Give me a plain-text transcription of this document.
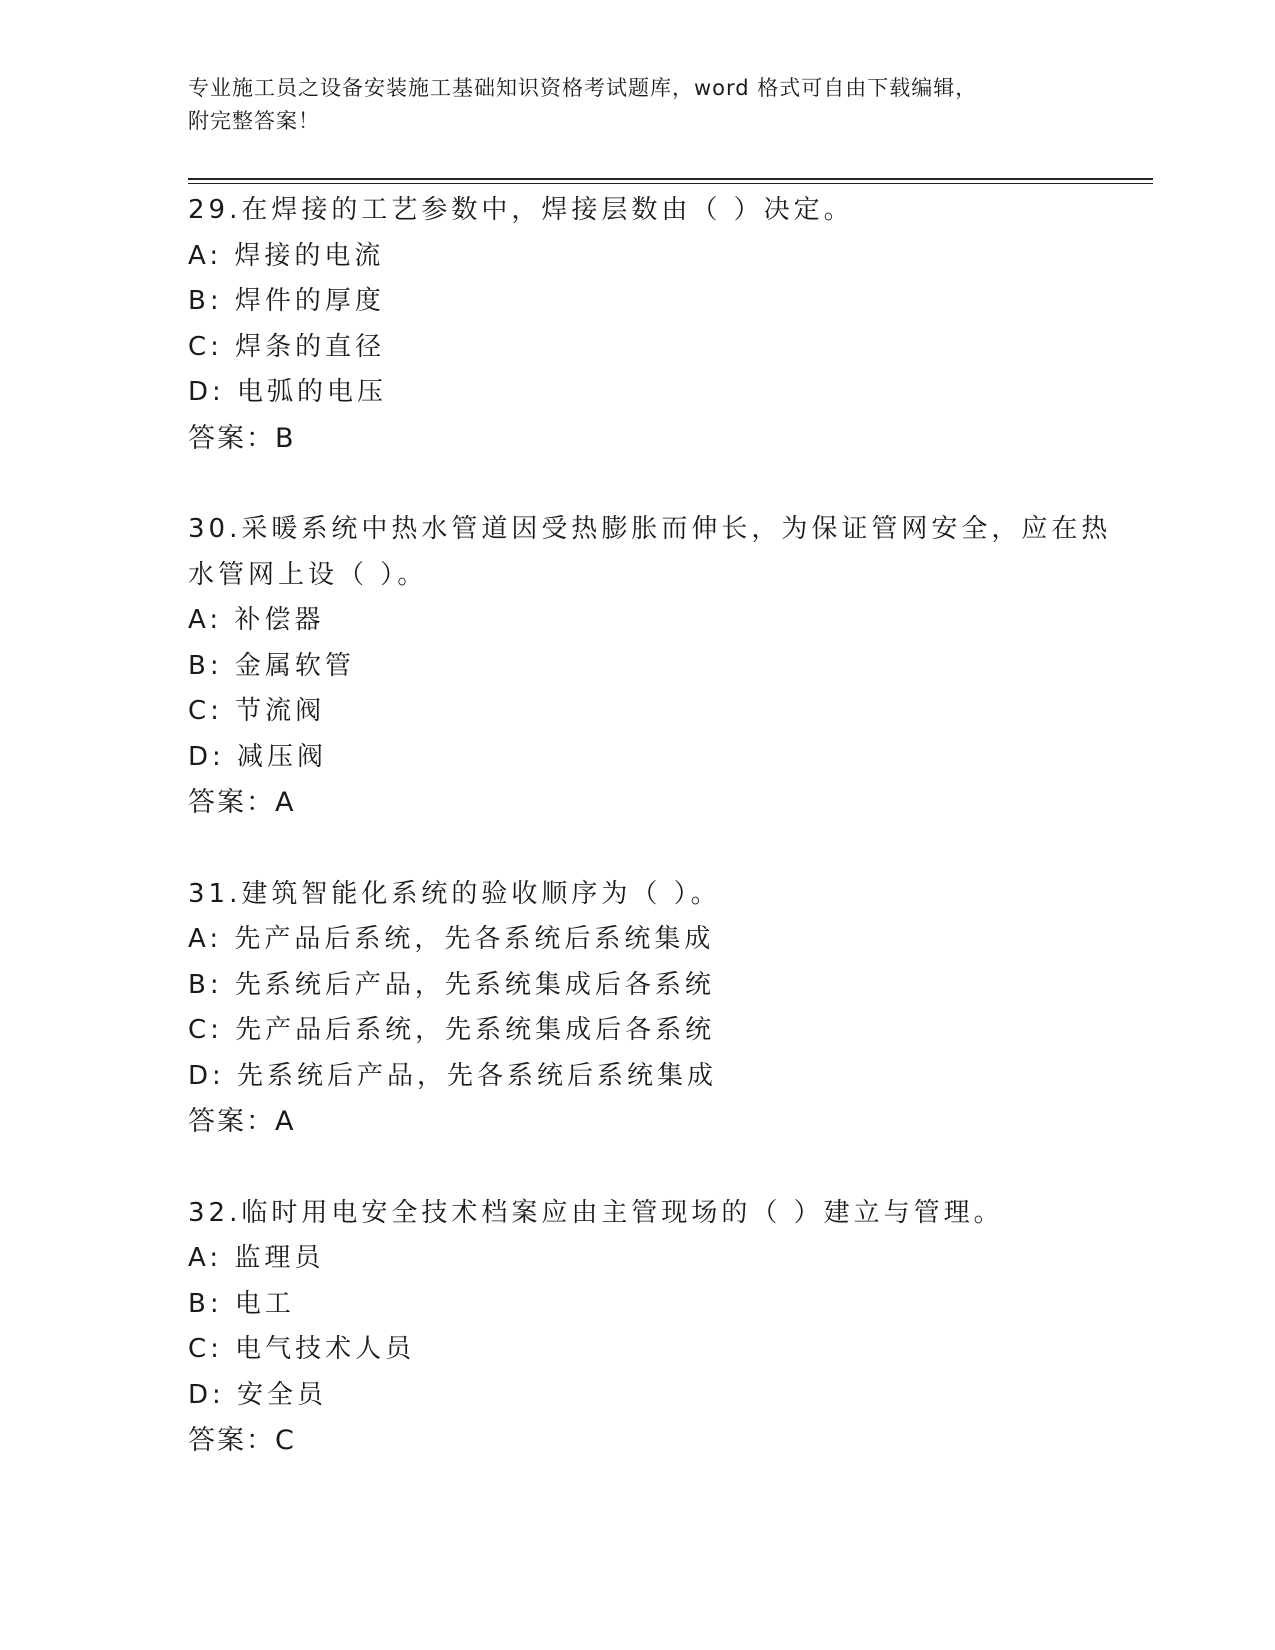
专业施工员之设备安装施工基础知识资格考试题库，word 格式可自由下载编辑，
附完整答案！
29.在焊接的工艺参数中，焊接层数由（ ）决定。
A: 焊接的电流
B: 焊件的厚度
C: 焊条的直径
D: 电弧的电压
答案：B
30.采暖系统中热水管道因受热膨胀而伸长，为保证管网安全，应在热
水管网上设（ ）。
A: 补偿器
B: 金属软管
C: 节流阀
D: 减压阀
答案：A
31.建筑智能化系统的验收顺序为（ ）。
A: 先产品后系统，先各系统后系统集成
B: 先系统后产品，先系统集成后各系统
C: 先产品后系统，先系统集成后各系统
D: 先系统后产品，先各系统后系统集成
答案：A
32.临时用电安全技术档案应由主管现场的（ ）建立与管理。
A: 监理员
B: 电工
C: 电气技术人员
D: 安全员
答案：C
